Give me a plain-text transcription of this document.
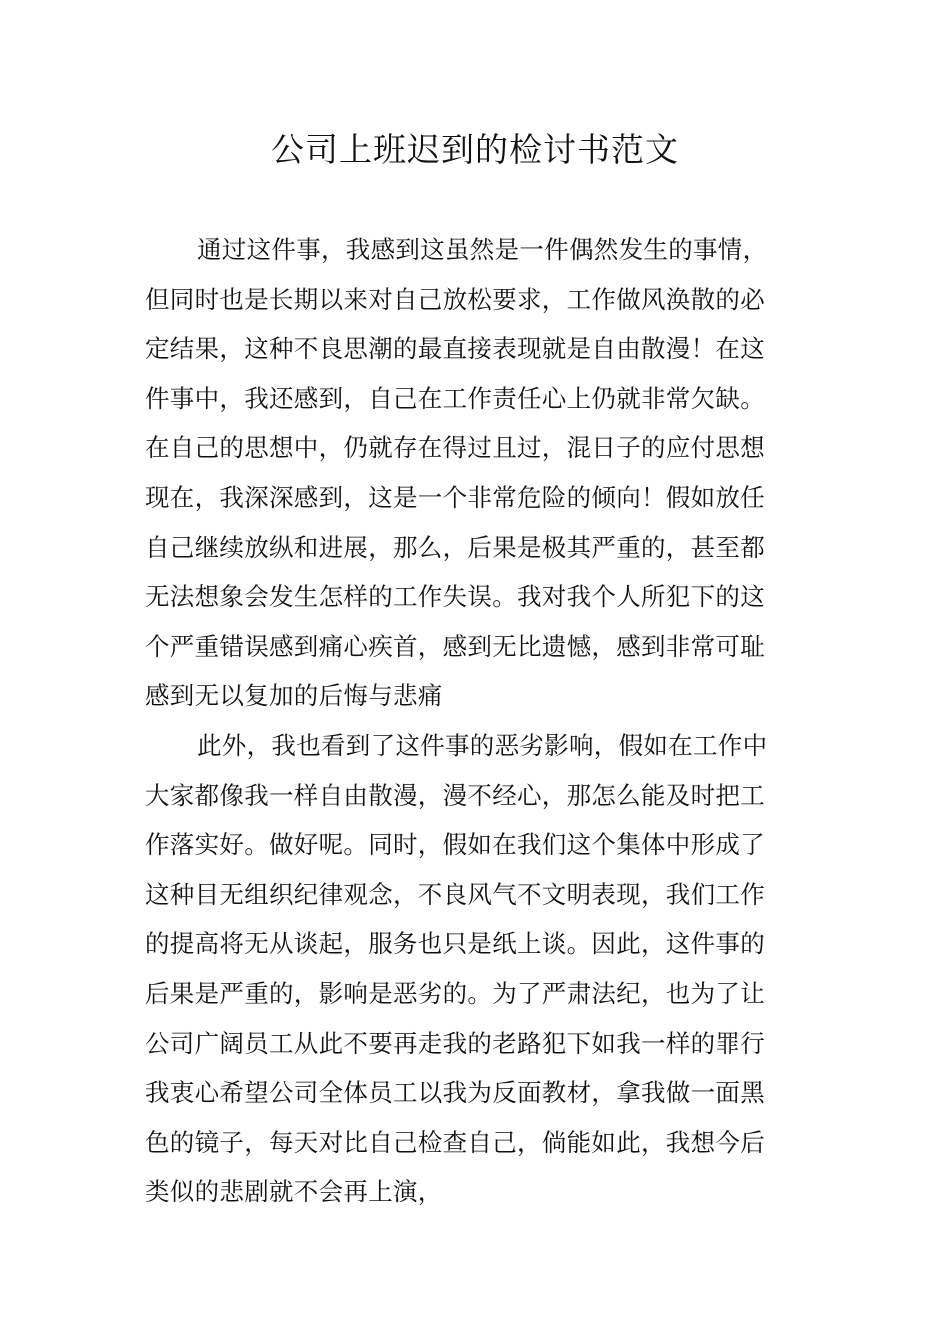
公司上班迟到的检讨书范文
通过这件事，我感到这虽然是一件偶然发生的事情，
但同时也是长期以来对自己放松要求，工作做风涣散的必
定结果，这种不良思潮的最直接表现就是自由散漫！在这
件事中，我还感到，自己在工作责任心上仍就非常欠缺。
在自己的思想中，仍就存在得过且过，混日子的应付思想
现在，我深深感到，这是一个非常危险的倾向！假如放任
自己继续放纵和进展，那么，后果是极其严重的，甚至都
无法想象会发生怎样的工作失误。我对我个人所犯下的这
个严重错误感到痛心疾首，感到无比遗憾，感到非常可耻
感到无以复加的后悔与悲痛
此外，我也看到了这件事的恶劣影响，假如在工作中
大家都像我一样自由散漫，漫不经心，那怎么能及时把工
作落实好。做好呢。同时，假如在我们这个集体中形成了
这种目无组织纪律观念，不良风气不文明表现，我们工作
的提高将无从谈起，服务也只是纸上谈。因此，这件事的
后果是严重的，影响是恶劣的。为了严肃法纪，也为了让
公司广阔员工从此不要再走我的老路犯下如我一样的罪行
我衷心希望公司全体员工以我为反面教材，拿我做一面黑
色的镜子，每天对比自己检查自己，倘能如此，我想今后
类似的悲剧就不会再上演，
